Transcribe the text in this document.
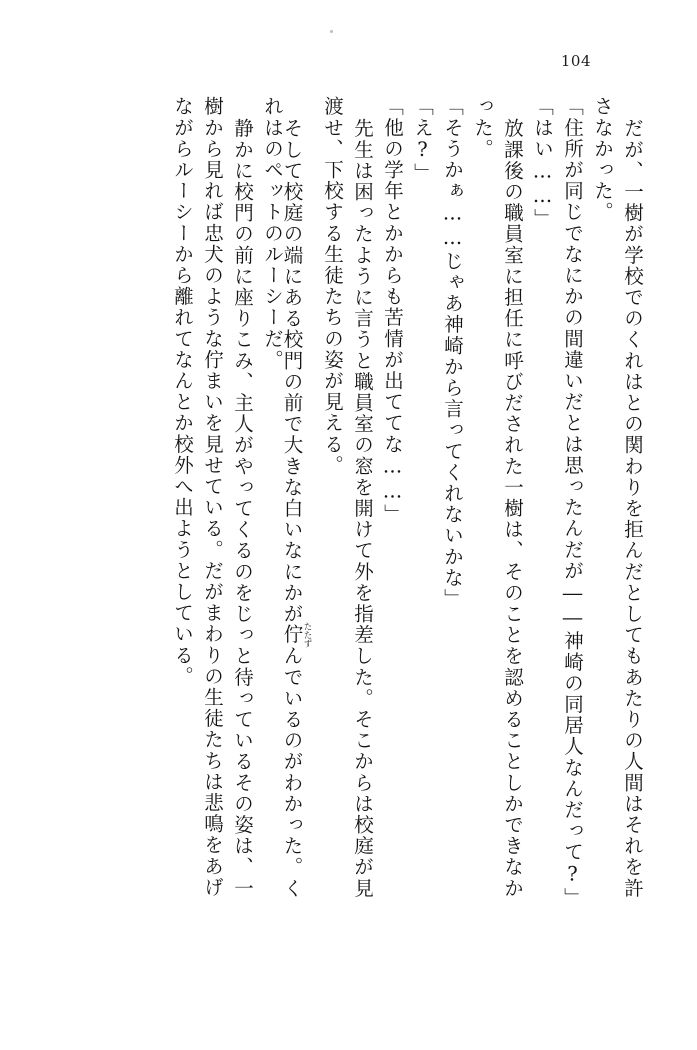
104
だが、一樹が学校でのくれはとの関わりを拒んだとしてもあたりの人間はそれを許
さなかった。
「住所が同じでなにかの間違いだとは思ったんだが――神崎の同居人なんだって?」
「はい……」
放課後の職員室に担任に呼びだされた一樹は、そのことを認めることしかできなか
った。
「そうかぁ……じゃあ神崎から言ってくれないかな」
「え?」
「他の学年とかからも苦情が出ててな……」
先生は困ったように言うと職員室の窓を開けて外を指差した。そこからは校庭が見
渡せ、下校する生徒たちの姿が見える。
そして校庭の端にある校門の前で大きな白いなにかが佇たたずんでいるのがわかった。く
れはのペットのルーシーだ。
静かに校門の前に座りこみ、主人がやってくるのをじっと待っているその姿は、一
樹から見れば忠犬のような佇まいを見せている。だがまわりの生徒たちは悲鳴をあげ
ながらルーシーから離れてなんとか校外へ出ようとしている。
